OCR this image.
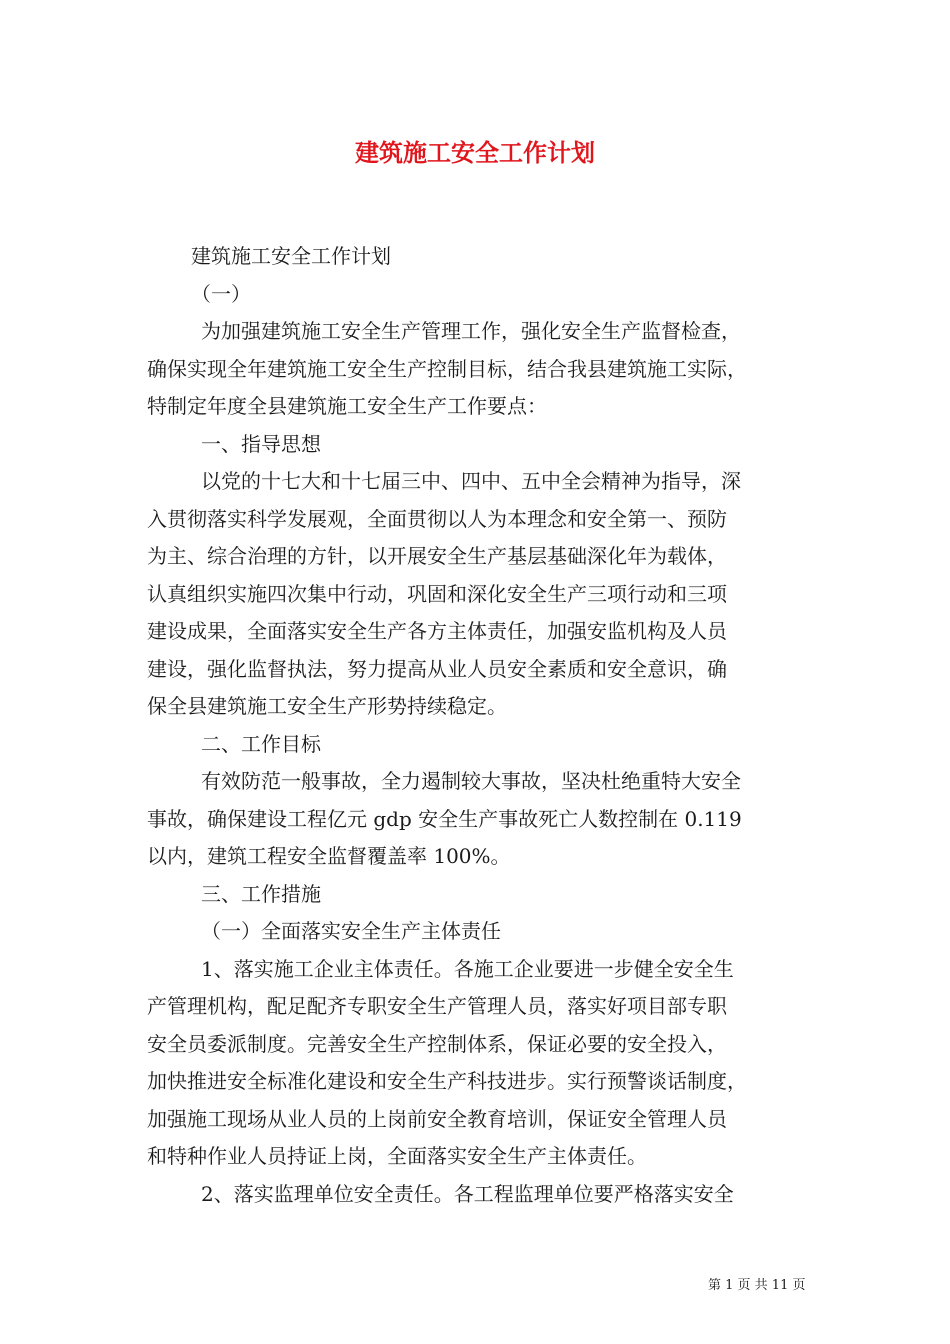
建筑施工安全工作计划
建筑施工安全工作计划
（一）
为加强建筑施工安全生产管理工作，强化安全生产监督检查，
确保实现全年建筑施工安全生产控制目标，结合我县建筑施工实际，
特制定年度全县建筑施工安全生产工作要点：
一、指导思想
以党的十七大和十七届三中、四中、五中全会精神为指导，深
入贯彻落实科学发展观，全面贯彻以人为本理念和安全第一、预防
为主、综合治理的方针，以开展安全生产基层基础深化年为载体，
认真组织实施四次集中行动，巩固和深化安全生产三项行动和三项
建设成果，全面落实安全生产各方主体责任，加强安监机构及人员
建设，强化监督执法，努力提高从业人员安全素质和安全意识，确
保全县建筑施工安全生产形势持续稳定。
二、工作目标
有效防范一般事故，全力遏制较大事故，坚决杜绝重特大安全
事故，确保建设工程亿元 gdp 安全生产事故死亡人数控制在 0.119
以内，建筑工程安全监督覆盖率 100%。
三、工作措施
（一）全面落实安全生产主体责任
1、落实施工企业主体责任。各施工企业要进一步健全安全生
产管理机构，配足配齐专职安全生产管理人员，落实好项目部专职
安全员委派制度。完善安全生产控制体系，保证必要的安全投入，
加快推进安全标准化建设和安全生产科技进步。实行预警谈话制度，
加强施工现场从业人员的上岗前安全教育培训，保证安全管理人员
和特种作业人员持证上岗，全面落实安全生产主体责任。
2、落实监理单位安全责任。各工程监理单位要严格落实安全
第 1 页 共 11 页
